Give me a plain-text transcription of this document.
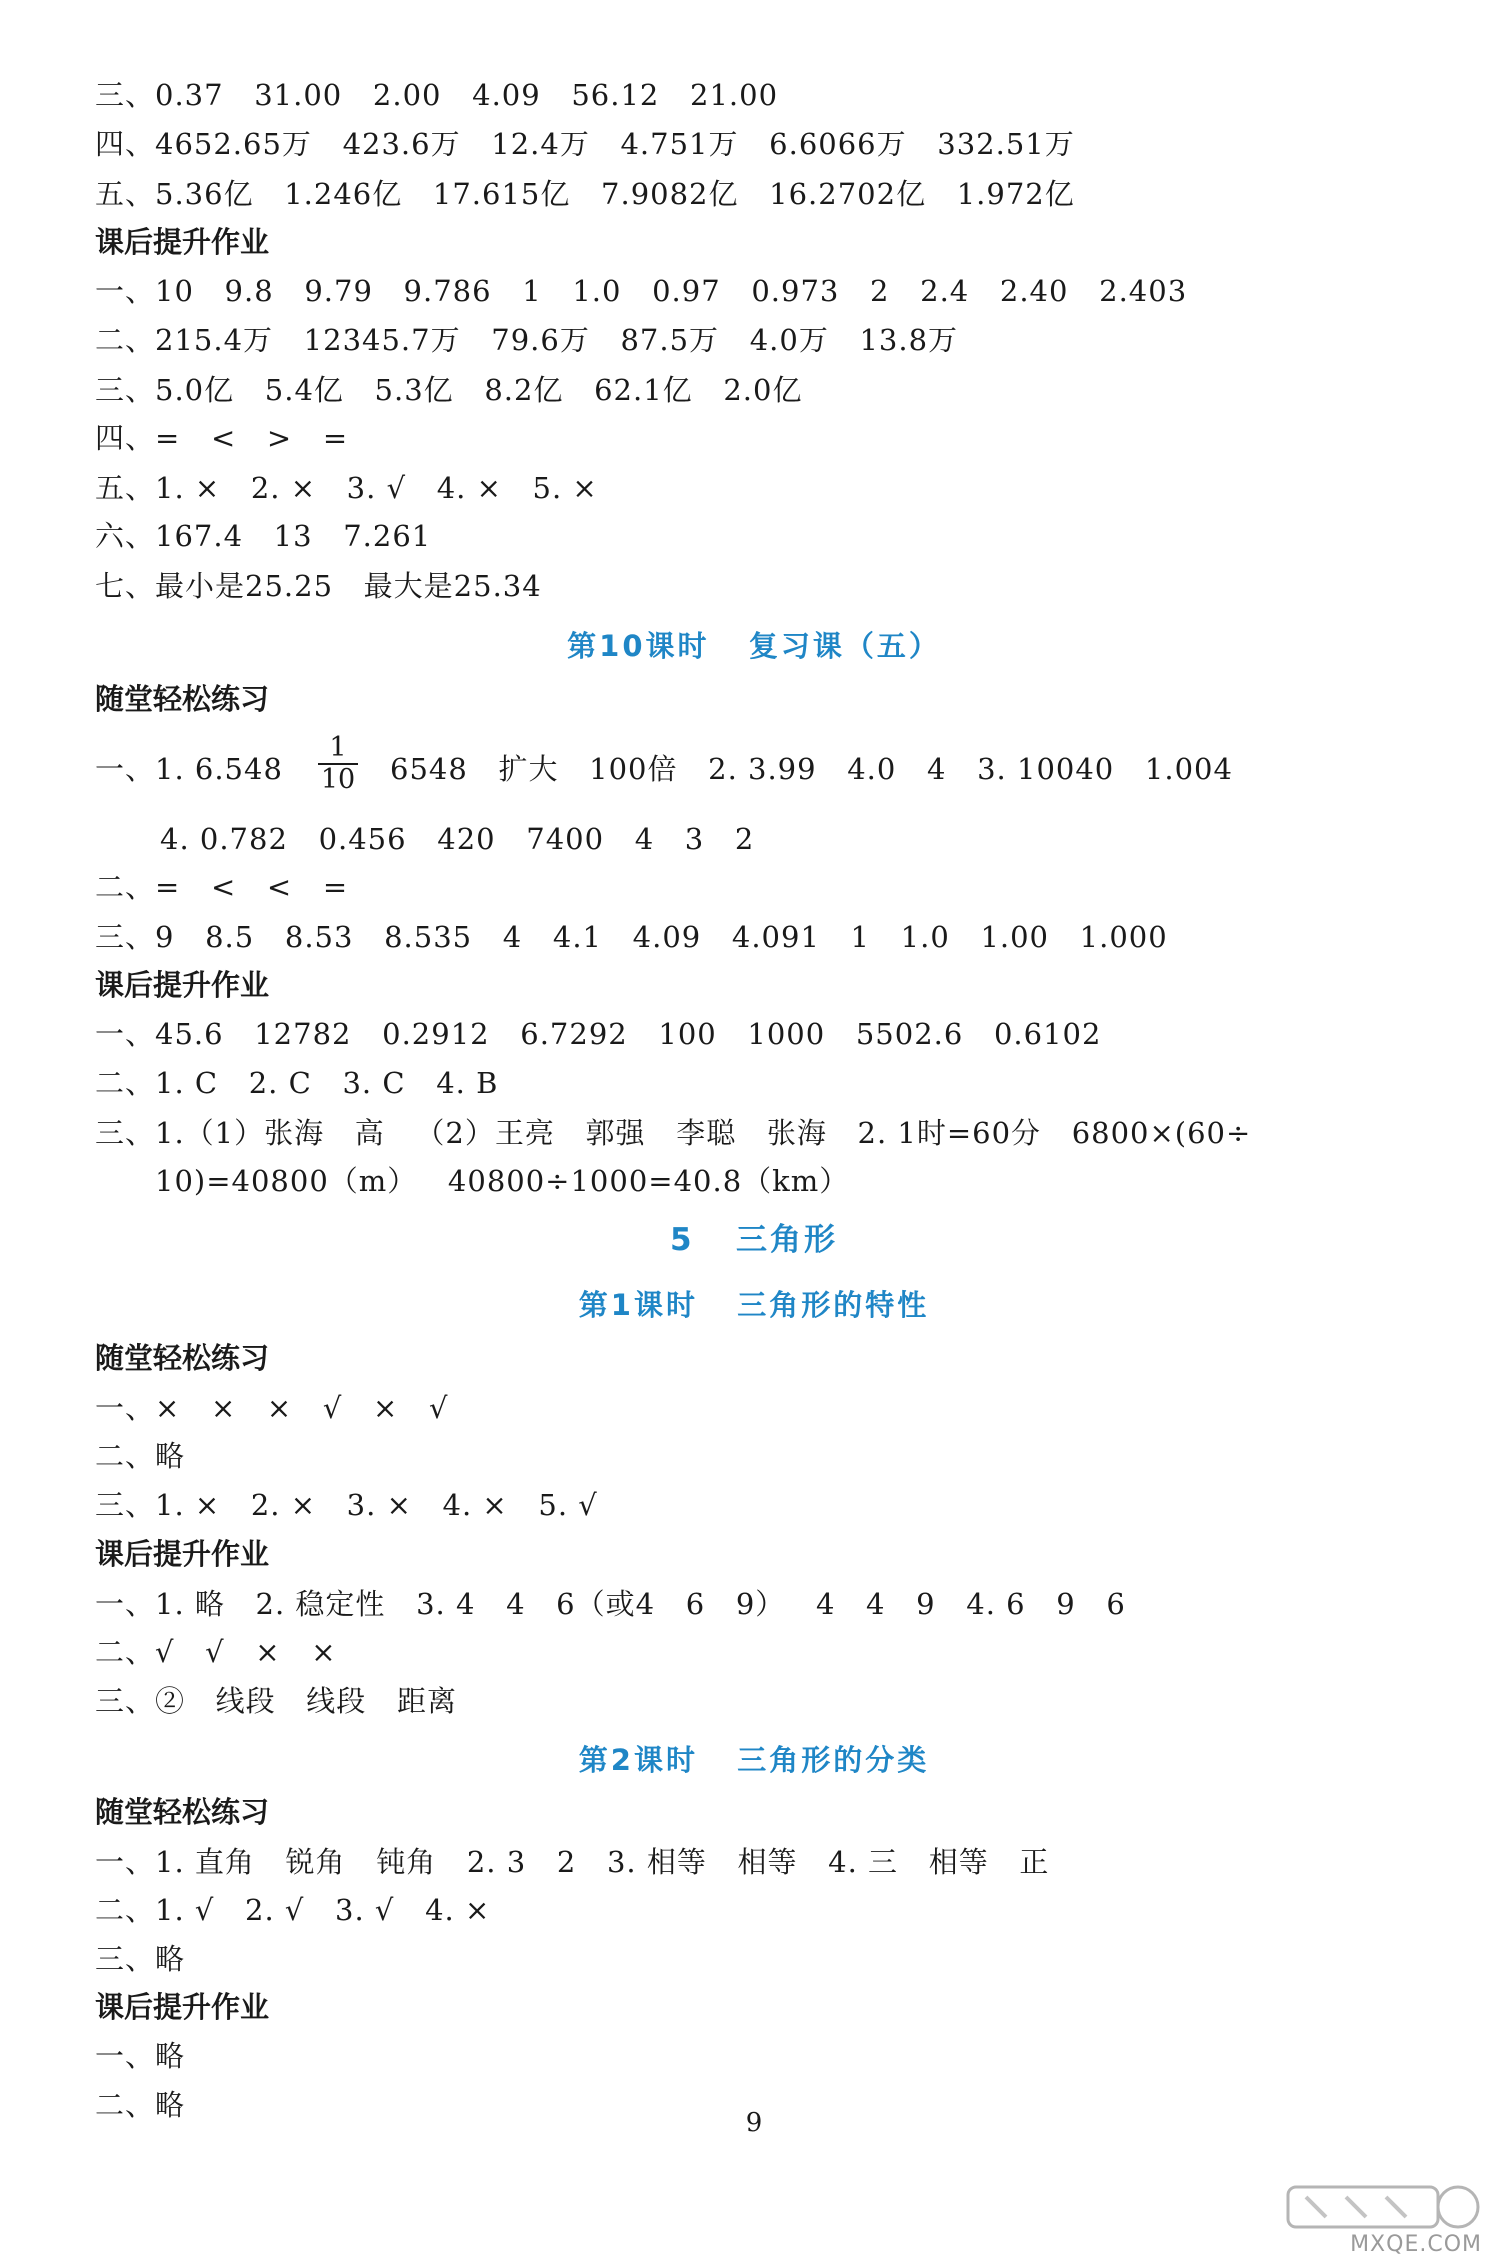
三、0.37   31.00   2.00   4.09   56.12   21.00
四、4652.65万   423.6万   12.4万   4.751万   6.6066万   332.51万
五、5.36亿   1.246亿   17.615亿   7.9082亿   16.2702亿   1.972亿
课后提升作业
一、10   9.8   9.79   9.786   1   1.0   0.97   0.973   2   2.4   2.40   2.403
二、215.4万   12345.7万   79.6万   87.5万   4.0万   13.8万
三、5.0亿   5.4亿   5.3亿   8.2亿   62.1亿   2.0亿
四、=   <   >   =
五、1. ×   2. ×   3. √   4. ×   5. ×
六、167.4   13   7.261
七、最小是25.25   最大是25.34
第10课时   复习课（五）
随堂轻松练习
一、1. $6.548 \frac{1}{10} 6548$   扩大   100倍   2. 3.99   4.0   4   3. 10040   1.004
4. 0.782   0.456   420   7400   4   3   2
二、=   <   <   =
三、9   8.5   8.53   8.535   4   4.1   4.09   4.091   1   1.0   1.00   1.000
课后提升作业
一、45.6   12782   0.2912   6.7292   100   1000   5502.6   0.6102
二、1. C   2. C   3. C   4. B
三、1.（1）张海   高   （2）王亮   郭强   李聪   张海   2. 1时=60分   6800×(60÷
10)=40800（m）   40800÷1000=40.8（km）
5   三角形
第1课时   三角形的特性
随堂轻松练习
一、×   ×   ×   √   ×   √
二、略
三、1. ×   2. ×   3. ×   4. ×   5. √
课后提升作业
一、1. 略   2. 稳定性   3. 4   4   6（或4   6   9）   4   4   9   4. 6   9   6
二、√   √   ×   ×
三、②   线段   线段   距离
第2课时   三角形的分类
随堂轻松练习
一、1. 直角   锐角   钝角   2. 3   2   3. 相等   相等   4. 三   相等   正
二、1. √   2. √   3. √   4. ×
三、略
课后提升作业
一、略
二、略
9
MXQE.COM
